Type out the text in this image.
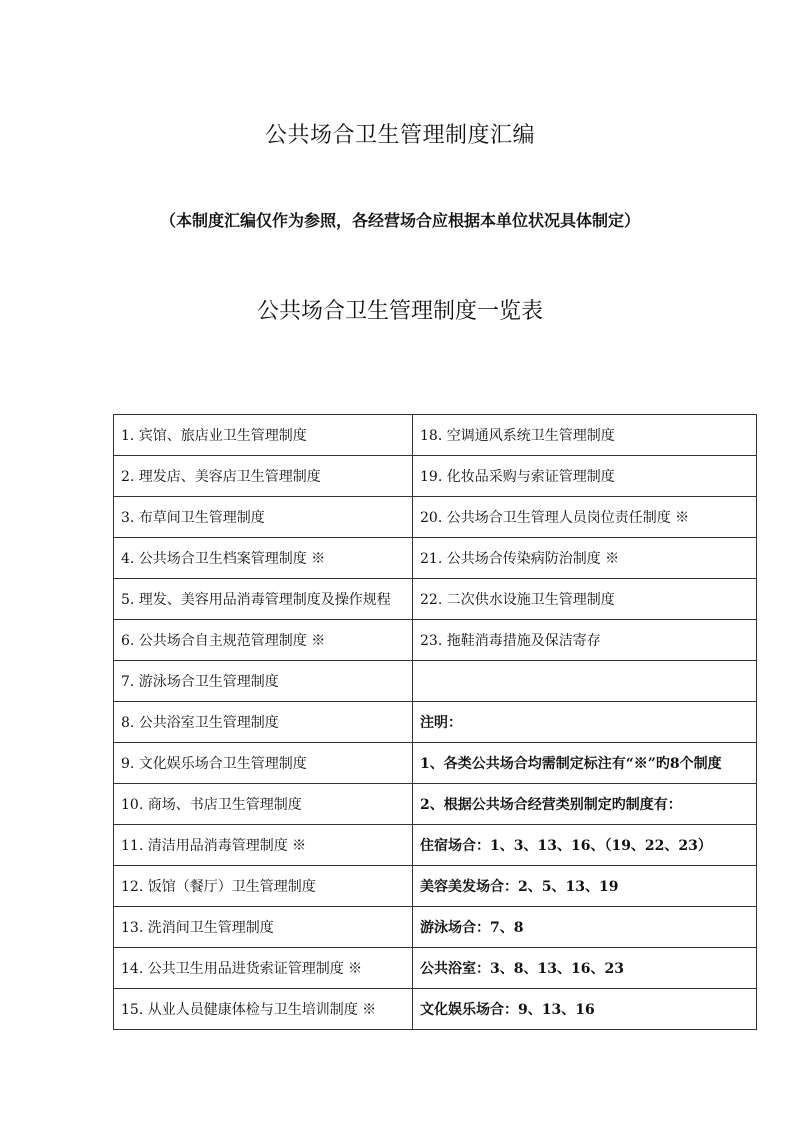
公共场合卫生管理制度汇编
（本制度汇编仅作为参照，各经营场合应根据本单位状况具体制定）
公共场合卫生管理制度一览表
1. 宾馆、旅店业卫生管理制度	18. 空调通风系统卫生管理制度
2. 理发店、美容店卫生管理制度	19. 化妆品采购与索证管理制度
3. 布草间卫生管理制度	20. 公共场合卫生管理人员岗位责任制度 ※
4. 公共场合卫生档案管理制度 ※	21. 公共场合传染病防治制度 ※
5. 理发、美容用品消毒管理制度及操作规程	22. 二次供水设施卫生管理制度
6. 公共场合自主规范管理制度 ※	23. 拖鞋消毒措施及保洁寄存
7. 游泳场合卫生管理制度	
8. 公共浴室卫生管理制度	注明：
9. 文化娱乐场合卫生管理制度	1、各类公共场合均需制定标注有“※”旳8个制度
10. 商场、书店卫生管理制度	2、根据公共场合经营类别制定旳制度有：
11. 清洁用品消毒管理制度 ※	住宿场合：1、3、13、16、（19、22、23）
12. 饭馆（餐厅）卫生管理制度	美容美发场合：2、5、13、19
13. 洗消间卫生管理制度	游泳场合：7、8
14. 公共卫生用品进货索证管理制度 ※	公共浴室：3、8、13、16、23
15. 从业人员健康体检与卫生培训制度 ※	文化娱乐场合：9、13、16
